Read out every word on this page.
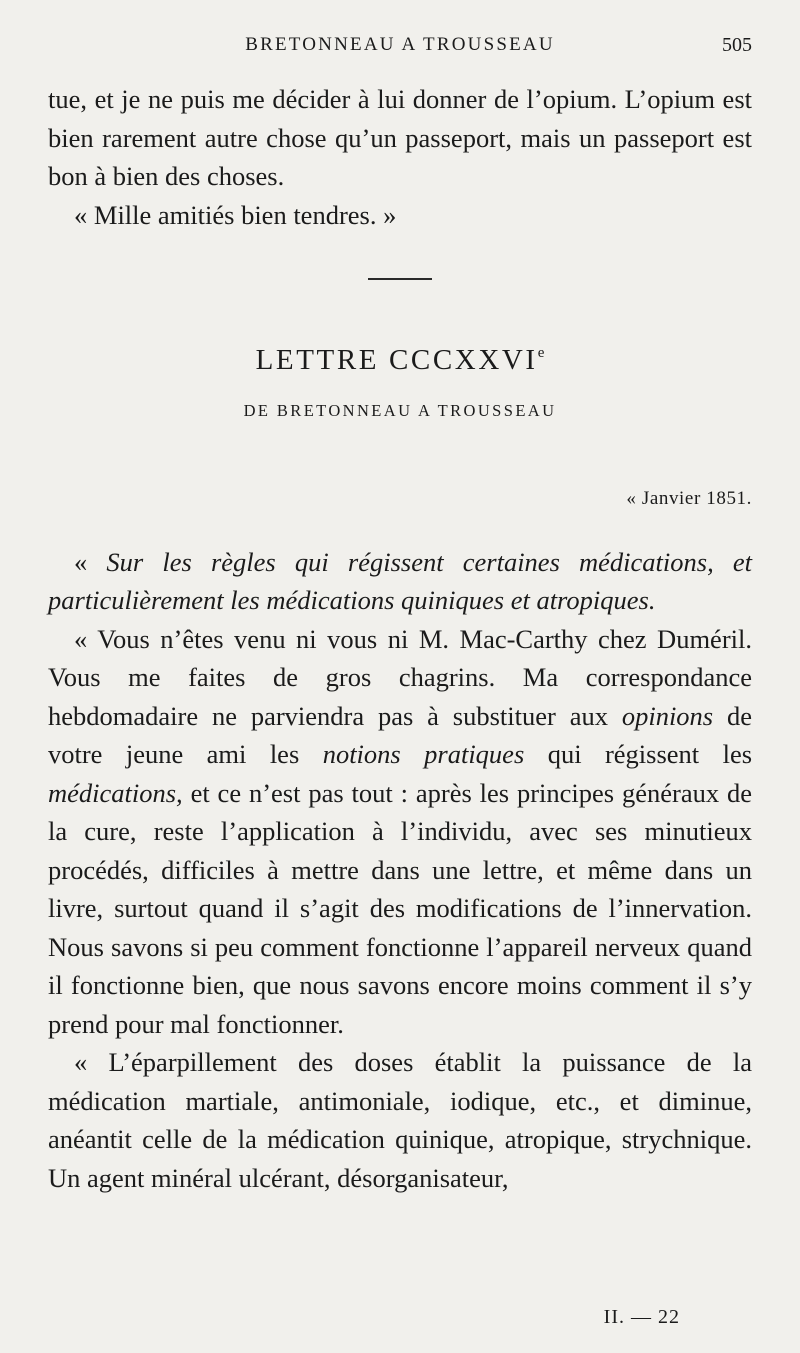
BRETONNEAU A TROUSSEAU	505

tue, et je ne puis me décider à lui donner de l’opium. L’opium est bien rarement autre chose qu’un passeport, mais un passeport est bon à bien des choses.

« Mille amitiés bien tendres. »

LETTRE CCCXXVIe
DE BRETONNEAU A TROUSSEAU
« Janvier 1851.

« Sur les règles qui régissent certaines médications, et particulièrement les médications quiniques et atropiques.

« Vous n’êtes venu ni vous ni M. Mac-Carthy chez Duméril. Vous me faites de gros chagrins. Ma correspondance hebdomadaire ne parviendra pas à substituer aux opinions de votre jeune ami les notions pratiques qui régissent les médications, et ce n’est pas tout : après les principes généraux de la cure, reste l’application à l’individu, avec ses minutieux procédés, difficiles à mettre dans une lettre, et même dans un livre, surtout quand il s’agit des modifications de l’innervation. Nous savons si peu comment fonctionne l’appareil nerveux quand il fonctionne bien, que nous savons encore moins comment il s’y prend pour mal fonctionner.

« L’éparpillement des doses établit la puissance de la médication martiale, antimoniale, iodique, etc., et diminue, anéantit celle de la médication quinique, atropique, strychnique. Un agent minéral ulcérant, désorganisateur,

II. — 22
